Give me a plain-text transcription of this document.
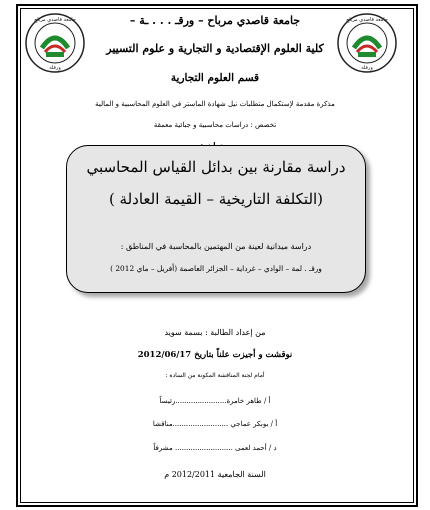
جامعة قاصدي مرباح
ورقلة
جامعة قاصدي مرباح
ورقلة
جامعة قاصدي مرباح – ورقـ . . . ـة –
كلية العلوم الإقتصادية و التجارية و علوم التسيير
قسم العلوم التجارية
مذكرة مقدمة لإستكمال متطلبات نيل شهادة الماستر في العلوم المحاسبية و المالية
تخصص : دراسات محاسبية و جبائية معمقة
دراسة مقارنة بين بدائل القياس المحاسبي
(التكلفة التاريخية – القيمة العادلة )
دراسة ميدانية لعينة من المهتمين بالمحاسبة في المناطق :
ورقـ . لمة – الوادي – غرداية – الجزائر العاصمة (أفريل – ماي 2012 )
من إعداد الطالبة : بسمة سويد
نوقشت و أجيزت علناً بتاريخ 2012/06/17
أمام لجنة المناقشة المكونة من السادة :
أ / طاهر خامرة.......................رئيساً
أ / بوبكر عماجي .........................مناقشا
د / أحمد لعمى .......................... مشرفاً
السنة الجامعية 2012/2011 م
